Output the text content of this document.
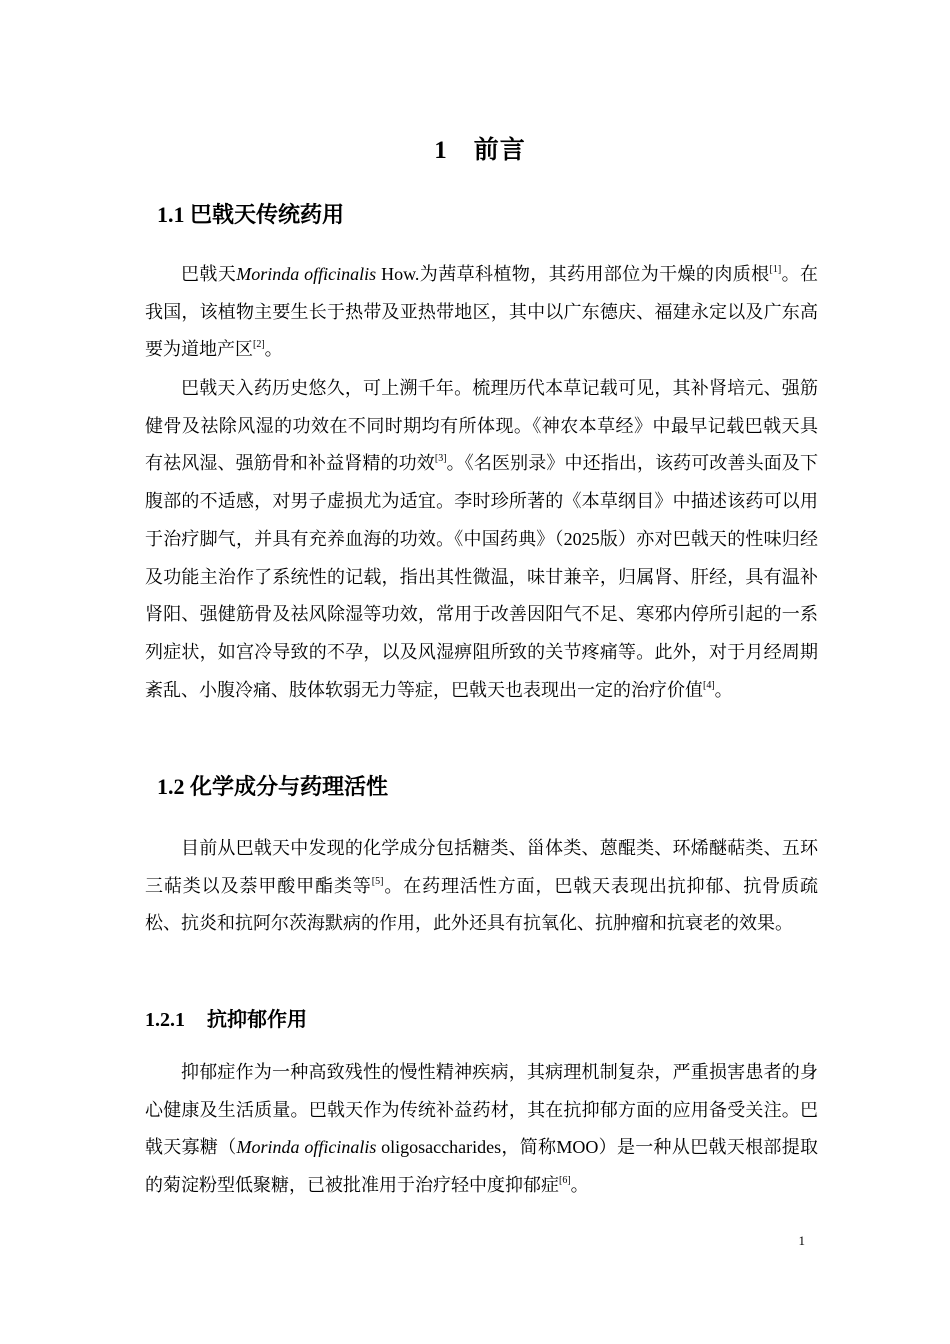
1　前言
1.1 巴戟天传统药用

巴戟天Morinda officinalis How.为茜草科植物，其药用部位为干燥的肉质根[1]。在我国，该植物主要生长于热带及亚热带地区，其中以广东德庆、福建永定以及广东高要为道地产区[2]。

巴戟天入药历史悠久，可上溯千年。梳理历代本草记载可见，其补肾培元、强筋健骨及祛除风湿的功效在不同时期均有所体现。《神农本草经》中最早记载巴戟天具有祛风湿、强筋骨和补益肾精的功效[3]。《名医别录》中还指出，该药可改善头面及下腹部的不适感，对男子虚损尤为适宜。李时珍所著的《本草纲目》中描述该药可以用于治疗脚气，并具有充养血海的功效。《中国药典》（2025版）亦对巴戟天的性味归经及功能主治作了系统性的记载，指出其性微温，味甘兼辛，归属肾、肝经，具有温补肾阳、强健筋骨及祛风除湿等功效，常用于改善因阳气不足、寒邪内停所引起的一系列症状，如宫冷导致的不孕，以及风湿痹阻所致的关节疼痛等。此外，对于月经周期紊乱、小腹冷痛、肢体软弱无力等症，巴戟天也表现出一定的治疗价值[4]。

1.2 化学成分与药理活性

目前从巴戟天中发现的化学成分包括糖类、甾体类、蒽醌类、环烯醚萜类、五环三萜类以及萘甲酸甲酯类等[5]。在药理活性方面，巴戟天表现出抗抑郁、抗骨质疏松、抗炎和抗阿尔茨海默病的作用，此外还具有抗氧化、抗肿瘤和抗衰老的效果。

1.2.1 抗抑郁作用

抑郁症作为一种高致残性的慢性精神疾病，其病理机制复杂，严重损害患者的身心健康及生活质量。巴戟天作为传统补益药材，其在抗抑郁方面的应用备受关注。巴戟天寡糖（Morinda officinalis oligosaccharides，简称MOO）是一种从巴戟天根部提取的菊淀粉型低聚糖，已被批准用于治疗轻中度抑郁症[6]。

1
